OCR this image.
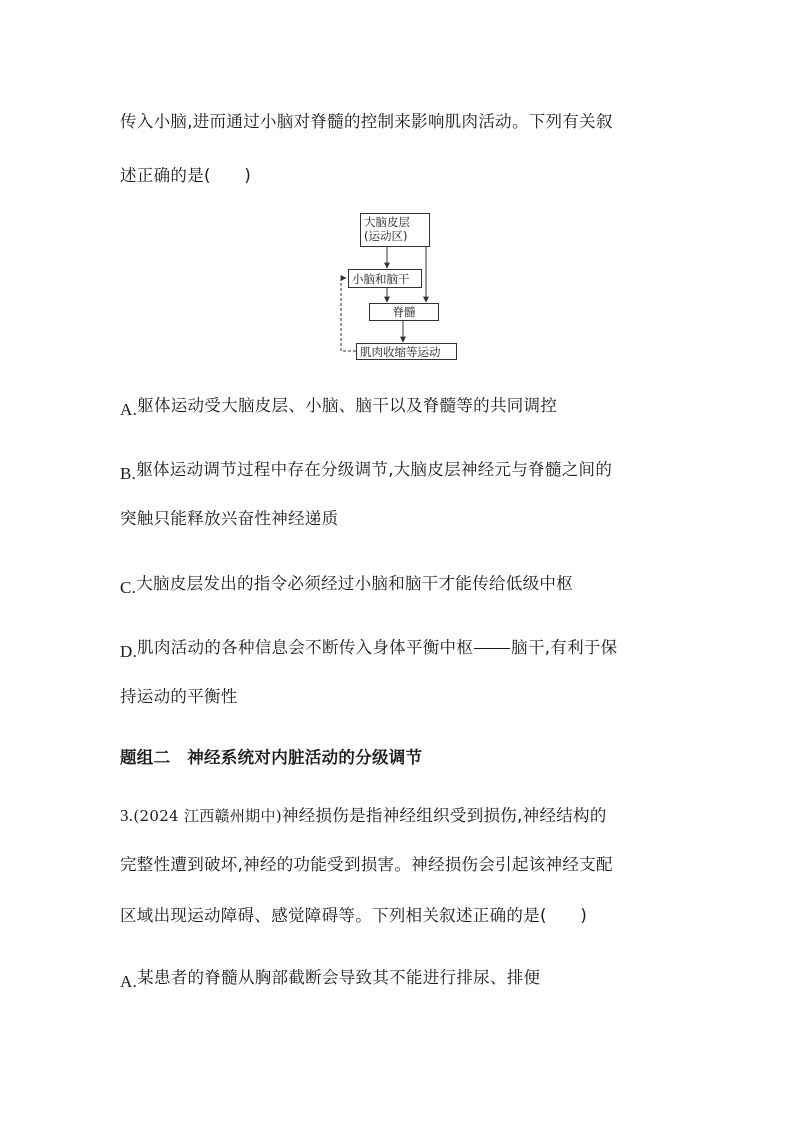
传入小脑,进而通过小脑对脊髓的控制来影响肌肉活动。下列有关叙
述正确的是(　　)
大脑皮层
(运动区)
小脑和脑干
脊髓
肌肉收缩等运动
A.躯体运动受大脑皮层、小脑、脑干以及脊髓等的共同调控
B.躯体运动调节过程中存在分级调节,大脑皮层神经元与脊髓之间的
突触只能释放兴奋性神经递质
C.大脑皮层发出的指令必须经过小脑和脑干才能传给低级中枢
D.肌肉活动的各种信息会不断传入身体平衡中枢 脑干,有利于保
持运动的平衡性
题组二　神经系统对内脏活动的分级调节
3.(2024 江西赣州期中)神经损伤是指神经组织受到损伤,神经结构的
完整性遭到破坏,神经的功能受到损害。神经损伤会引起该神经支配
区域出现运动障碍、感觉障碍等。下列相关叙述正确的是(　　)
A.某患者的脊髓从胸部截断会导致其不能进行排尿、排便
